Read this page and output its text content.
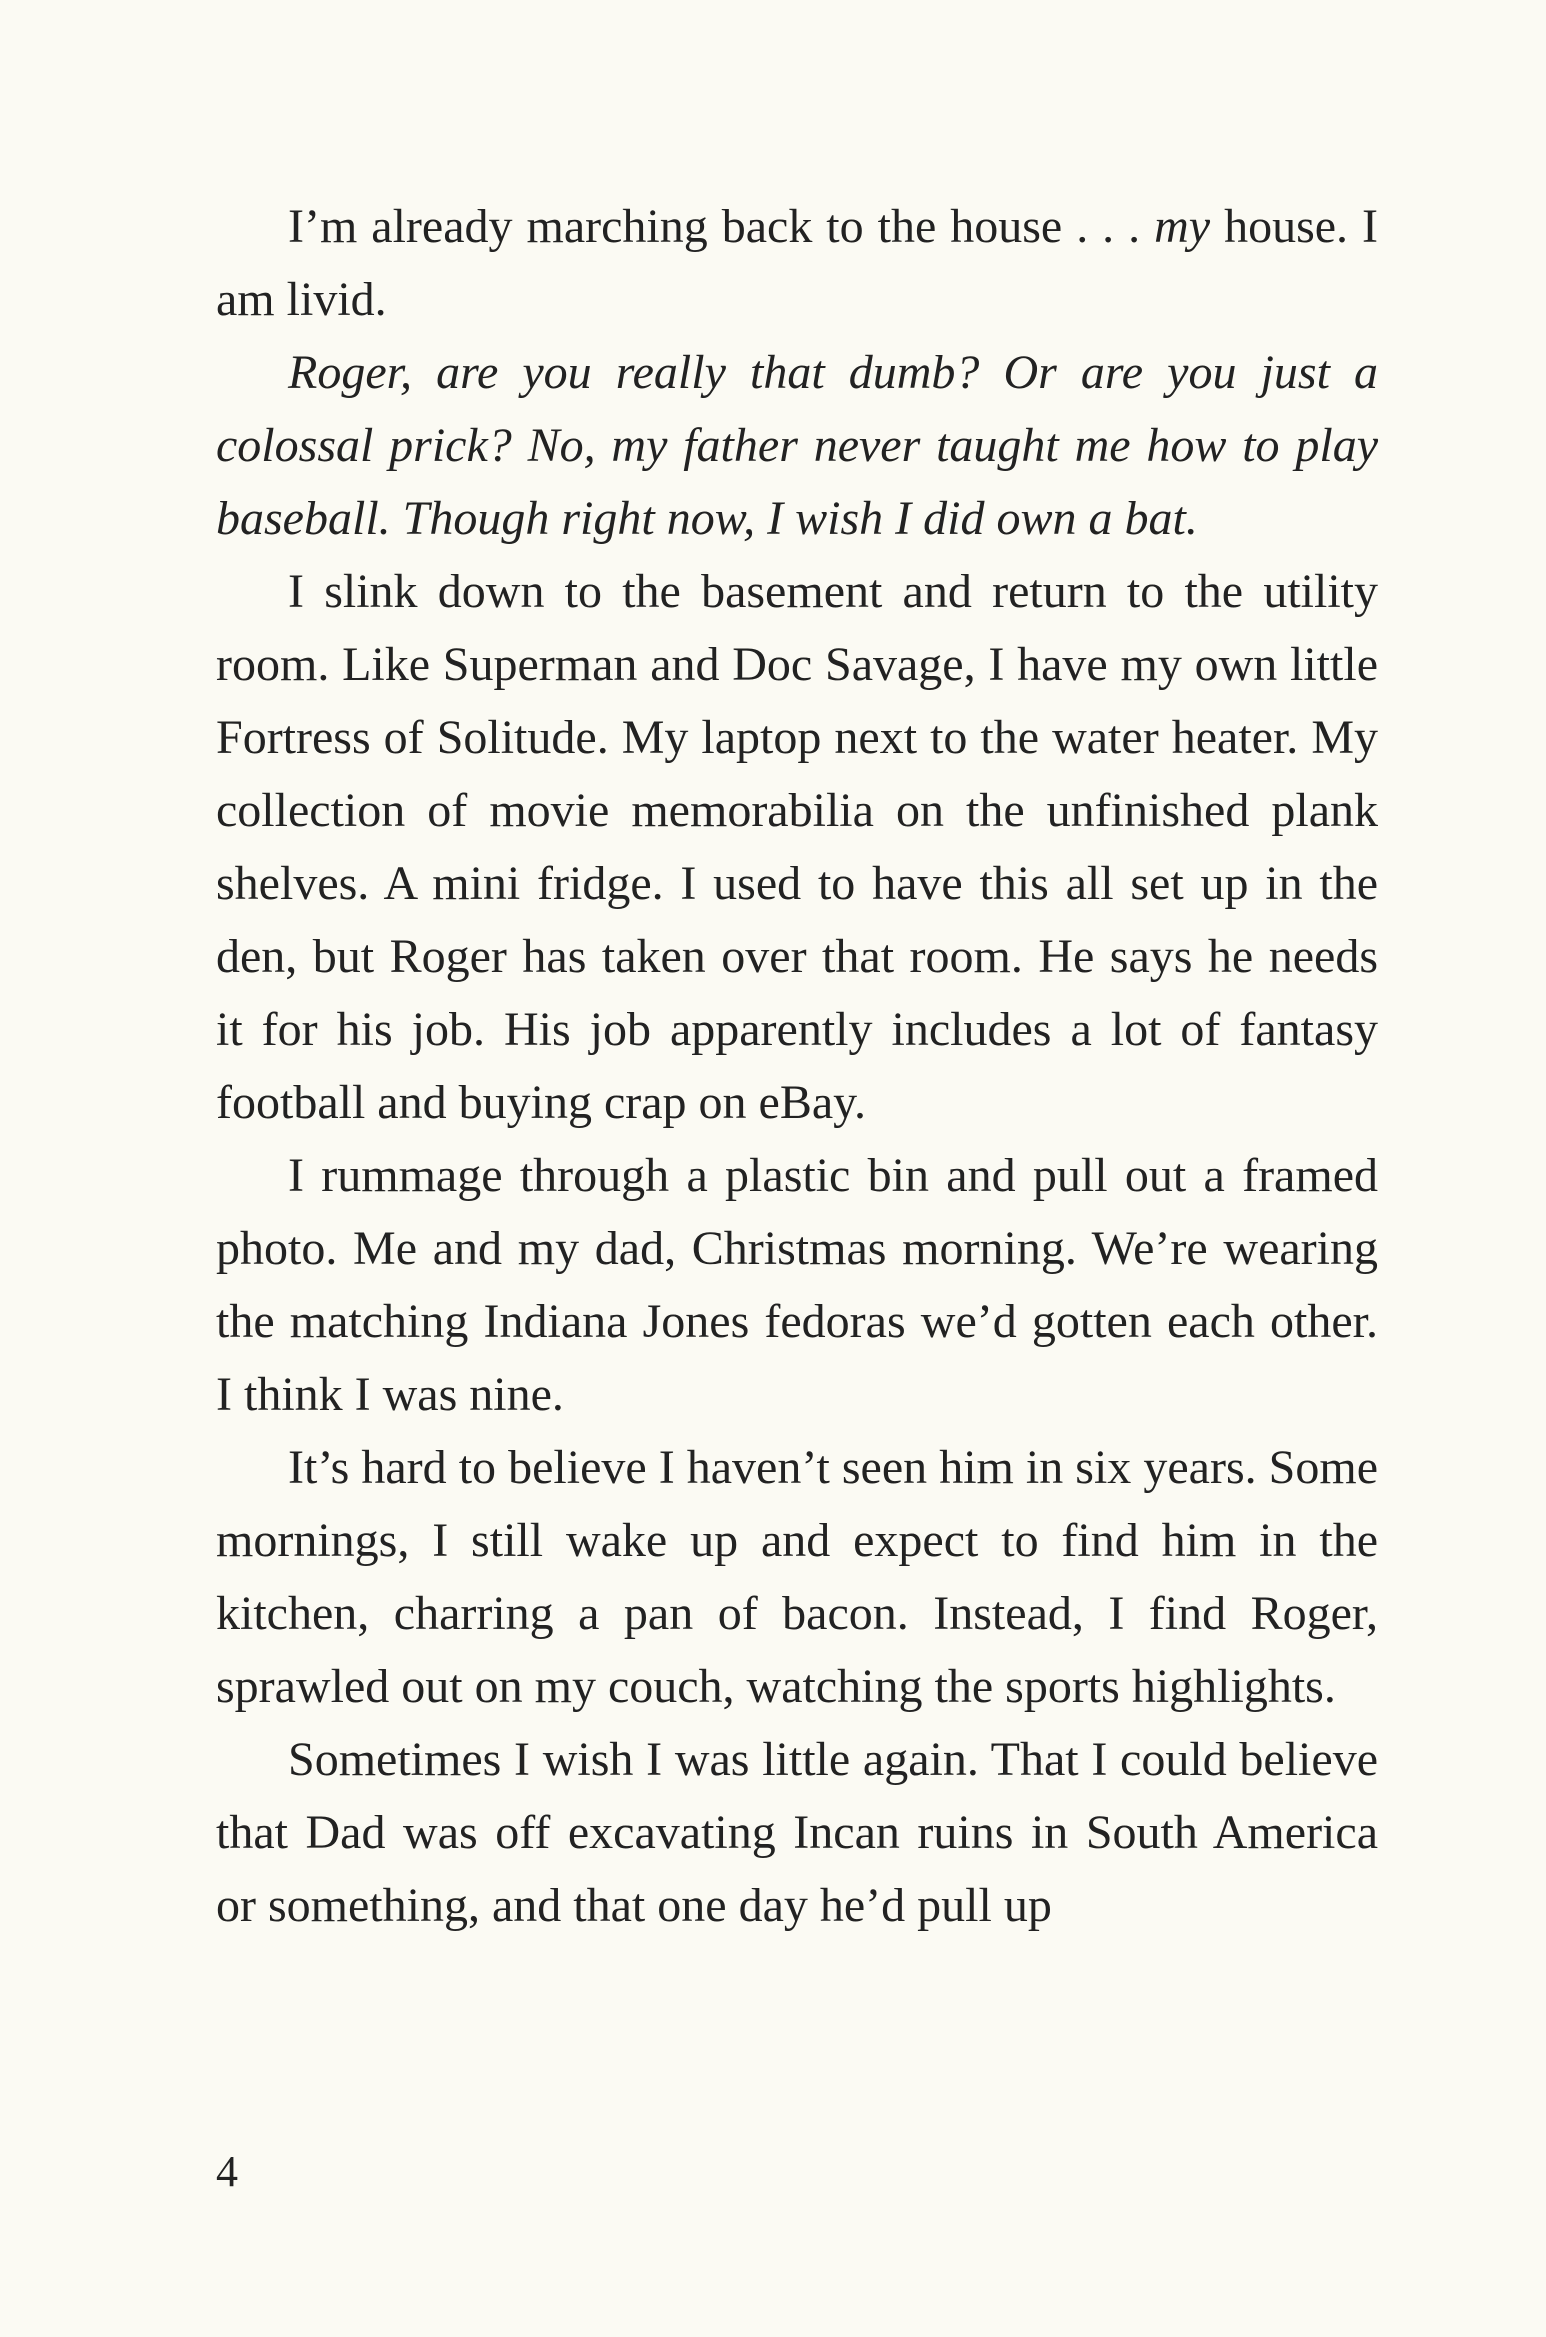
I’m already marching back to the house . . . my house. I am livid.

Roger, are you really that dumb? Or are you just a colossal prick? No, my father never taught me how to play baseball. Though right now, I wish I did own a bat.

I slink down to the basement and return to the utility room. Like Superman and Doc Savage, I have my own little Fortress of Solitude. My laptop next to the water heater. My collection of movie memorabilia on the unfinished plank shelves. A mini fridge. I used to have this all set up in the den, but Roger has taken over that room. He says he needs it for his job. His job apparently includes a lot of fantasy football and buying crap on eBay.

I rummage through a plastic bin and pull out a framed photo. Me and my dad, Christmas morning. We’re wearing the matching Indiana Jones fedoras we’d gotten each other. I think I was nine.

It’s hard to believe I haven’t seen him in six years. Some mornings, I still wake up and expect to find him in the kitchen, charring a pan of bacon. Instead, I find Roger, sprawled out on my couch, watching the sports highlights.

Sometimes I wish I was little again. That I could believe that Dad was off excavating Incan ruins in South America or something, and that one day he’d pull up

4
